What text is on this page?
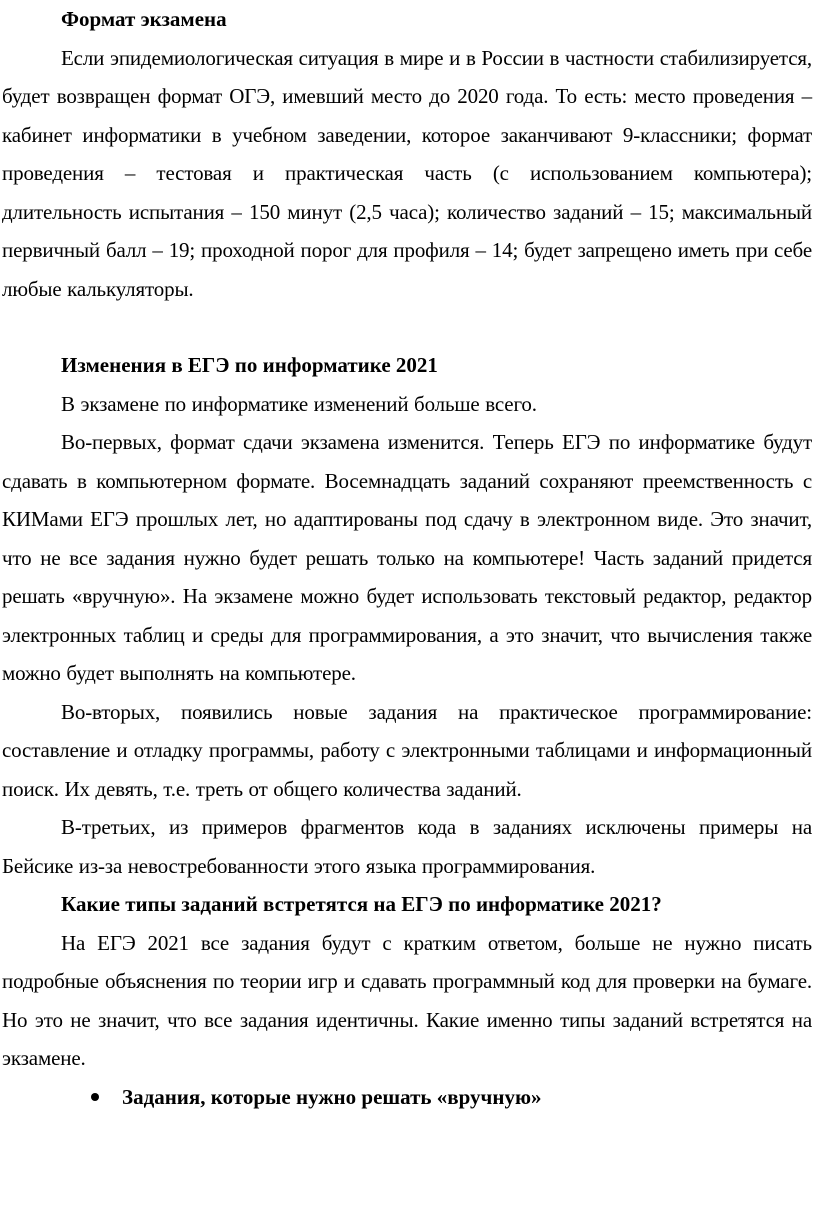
Формат экзамена

Если эпидемиологическая ситуация в мире и в России в частности стабилизируется, будет возвращен формат ОГЭ, имевший место до 2020 года. То есть: место проведения – кабинет информатики в учебном заведении, которое заканчивают 9-классники; формат проведения – тестовая и практическая часть (с использованием компьютера); длительность испытания – 150 минут (2,5 часа); количество заданий – 15; максимальный первичный балл – 19; проходной порог для профиля – 14; будет запрещено иметь при себе любые калькуляторы.

Изменения в ЕГЭ по информатике 2021

В экзамене по информатике изменений больше всего.

Во-первых, формат сдачи экзамена изменится. Теперь ЕГЭ по информатике будут сдавать в компьютерном формате. Восемнадцать заданий сохраняют преемственность с КИМами ЕГЭ прошлых лет, но адаптированы под сдачу в электронном виде. Это значит, что не все задания нужно будет решать только на компьютере! Часть заданий придется решать «вручную». На экзамене можно будет использовать текстовый редактор, редактор электронных таблиц и среды для программирования, а это значит, что вычисления также можно будет выполнять на компьютере.

Во-вторых, появились новые задания на практическое программирование: составление и отладку программы, работу с электронными таблицами и информационный поиск. Их девять, т.е. треть от общего количества заданий.

В-третьих, из примеров фрагментов кода в заданиях исключены примеры на Бейсике из-за невостребованности этого языка программирования.

Какие типы заданий встретятся на ЕГЭ по информатике 2021?

На ЕГЭ 2021 все задания будут с кратким ответом, больше не нужно писать подробные объяснения по теории игр и сдавать программный код для проверки на бумаге. Но это не значит, что все задания идентичны. Какие именно типы заданий встретятся на экзамене.

Задания, которые нужно решать «вручную»
